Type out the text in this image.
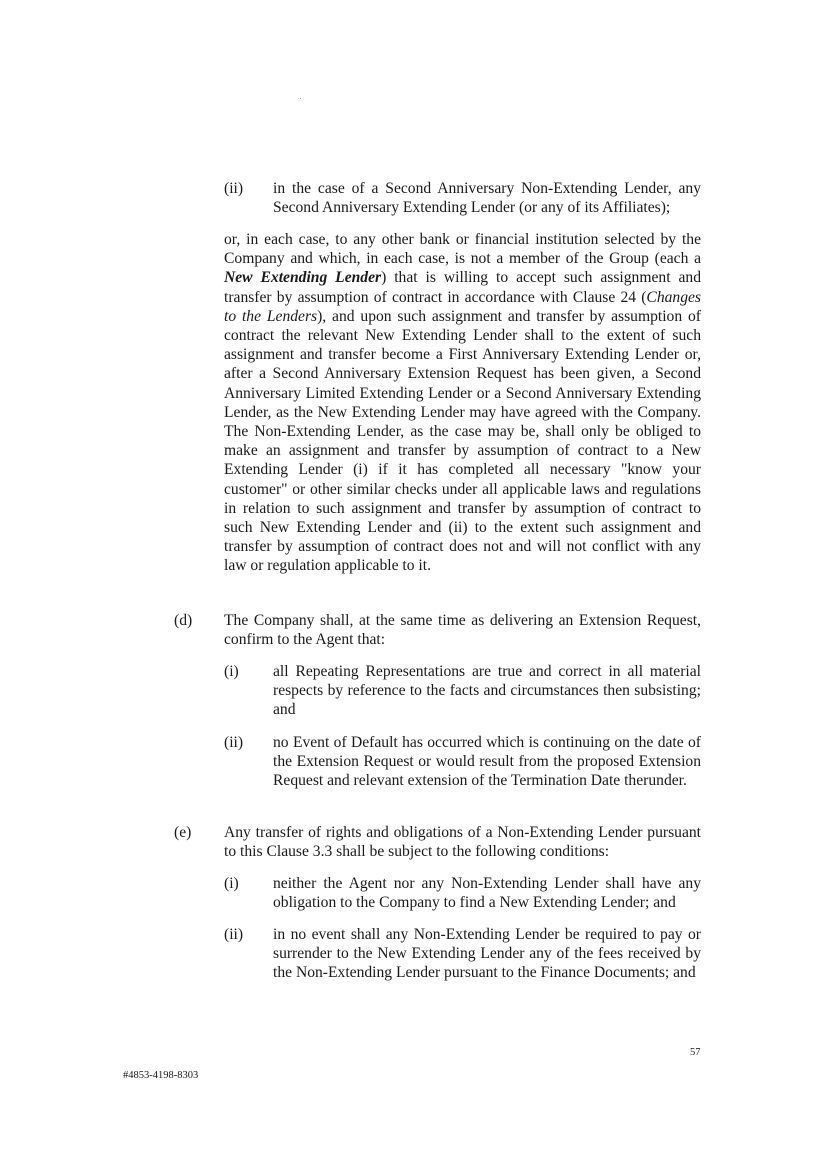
(ii) in the case of a Second Anniversary Non-Extending Lender, any Second Anniversary Extending Lender (or any of its Affiliates);

or, in each case, to any other bank or financial institution selected by the Company and which, in each case, is not a member of the Group (each a New Extending Lender) that is willing to accept such assignment and transfer by assumption of contract in accordance with Clause 24 (Changes to the Lenders), and upon such assignment and transfer by assumption of contract the relevant New Extending Lender shall to the extent of such assignment and transfer become a First Anniversary Extending Lender or, after a Second Anniversary Extension Request has been given, a Second Anniversary Limited Extending Lender or a Second Anniversary Extending Lender, as the New Extending Lender may have agreed with the Company. The Non-Extending Lender, as the case may be, shall only be obliged to make an assignment and transfer by assumption of contract to a New Extending Lender (i) if it has completed all necessary "know your customer" or other similar checks under all applicable laws and regulations in relation to such assignment and transfer by assumption of contract to such New Extending Lender and (ii) to the extent such assignment and transfer by assumption of contract does not and will not conflict with any law or regulation applicable to it.

(d) The Company shall, at the same time as delivering an Extension Request, confirm to the Agent that:

(i) all Repeating Representations are true and correct in all material respects by reference to the facts and circumstances then subsisting; and

(ii) no Event of Default has occurred which is continuing on the date of the Extension Request or would result from the proposed Extension Request and relevant extension of the Termination Date therunder.

(e) Any transfer of rights and obligations of a Non-Extending Lender pursuant to this Clause 3.3 shall be subject to the following conditions:

(i) neither the Agent nor any Non-Extending Lender shall have any obligation to the Company to find a New Extending Lender; and

(ii) in no event shall any Non-Extending Lender be required to pay or surrender to the New Extending Lender any of the fees received by the Non-Extending Lender pursuant to the Finance Documents; and

57
#4853-4198-8303
